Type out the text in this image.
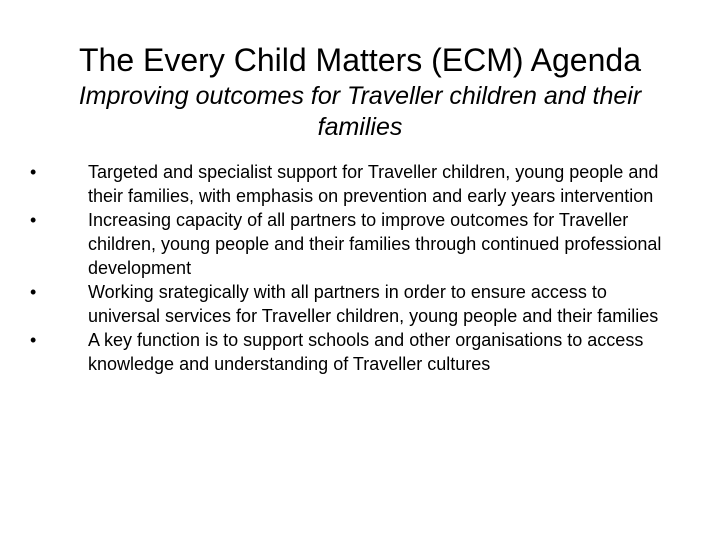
The Every Child Matters (ECM) Agenda
Improving outcomes for Traveller children and their families
•	Targeted and specialist support for Traveller children, young people and their families, with emphasis on prevention and early years intervention
•	Increasing capacity of all partners to improve outcomes for Traveller children, young people and their families through continued professional development
•	Working srategically with all partners in order to ensure access to universal services for Traveller children, young people and their families
•	A key function is to support schools and other organisations to access knowledge and understanding of Traveller cultures
